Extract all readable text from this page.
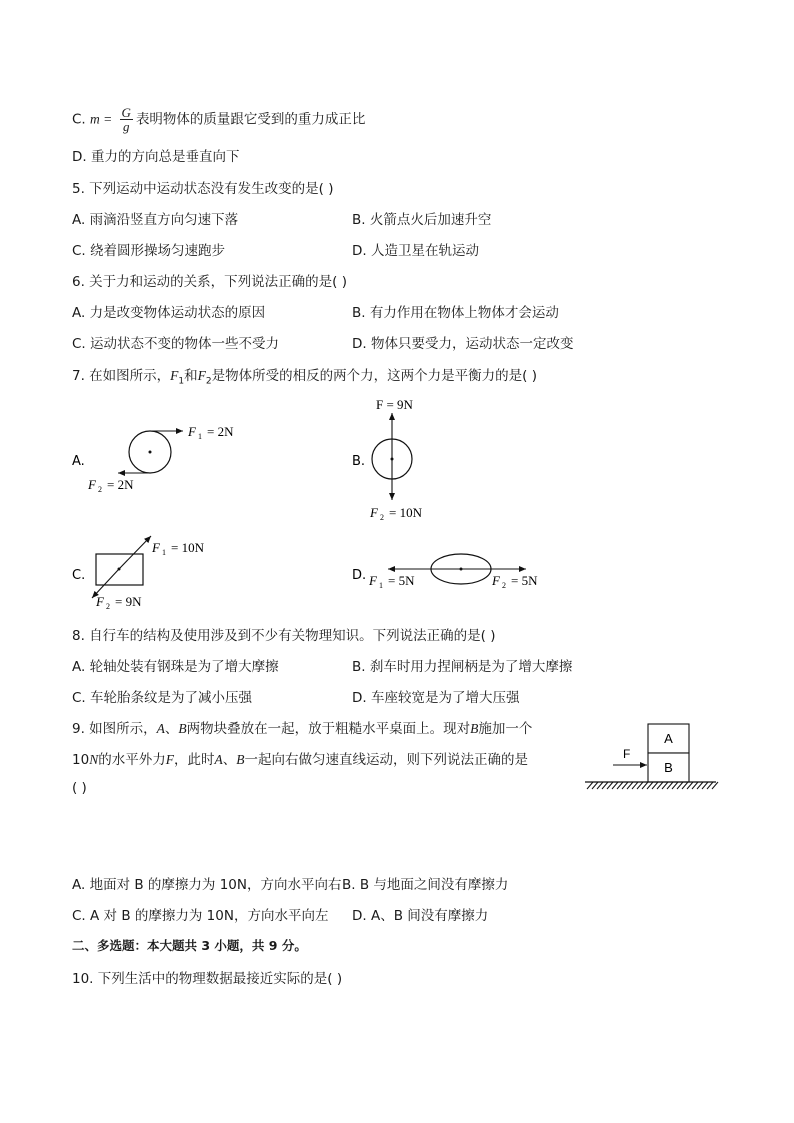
C. $m = \frac{G}{g}$ 表明物体的质量跟它受到的重力成正比
D. 重力的方向总是垂直向下
5. 下列运动中运动状态没有发生改变的是( )
A. 雨滴沿竖直方向匀速下落	B. 火箭点火后加速升空
C. 绕着圆形操场匀速跑步	D. 人造卫星在轨运动
6. 关于力和运动的关系，下列说法正确的是( )
A. 力是改变物体运动状态的原因	B. 有力作用在物体上物体才会运动
C. 运动状态不变的物体一些不受力	D. 物体只要受力，运动状态一定改变
7. 在如图所示，$F_1$和$F_2$是物体所受的相反的两个力，这两个力是平衡力的是( )
A.
F 1 = 2N
F 2 = 2N
B.
F = 9N
F 2 = 10N
C.
F 1 = 10N
F 2 = 9N
D. F 1 = 5N	F 2 = 5N
8. 自行车的结构及使用涉及到不少有关物理知识。下列说法正确的是( )
A. 轮轴处装有钢珠是为了增大摩擦	B. 刹车时用力捏闸柄是为了增大摩擦
C. 车轮胎条纹是为了减小压强	D. 车座较宽是为了增大压强
9. 如图所示，A、B两物块叠放在一起，放于粗糙水平桌面上。现对B施加一个
10N的水平外力F，此时A、B一起向右做匀速直线运动，则下列说法正确的是
( )
A
B
F
A. 地面对 B 的摩擦力为 10N，方向水平向右 B. B 与地面之间没有摩擦力
C. A 对 B 的摩擦力为 10N，方向水平向左 D. A、B 间没有摩擦力
二、多选题：本大题共 3 小题，共 9 分。
10. 下列生活中的物理数据最接近实际的是( )
